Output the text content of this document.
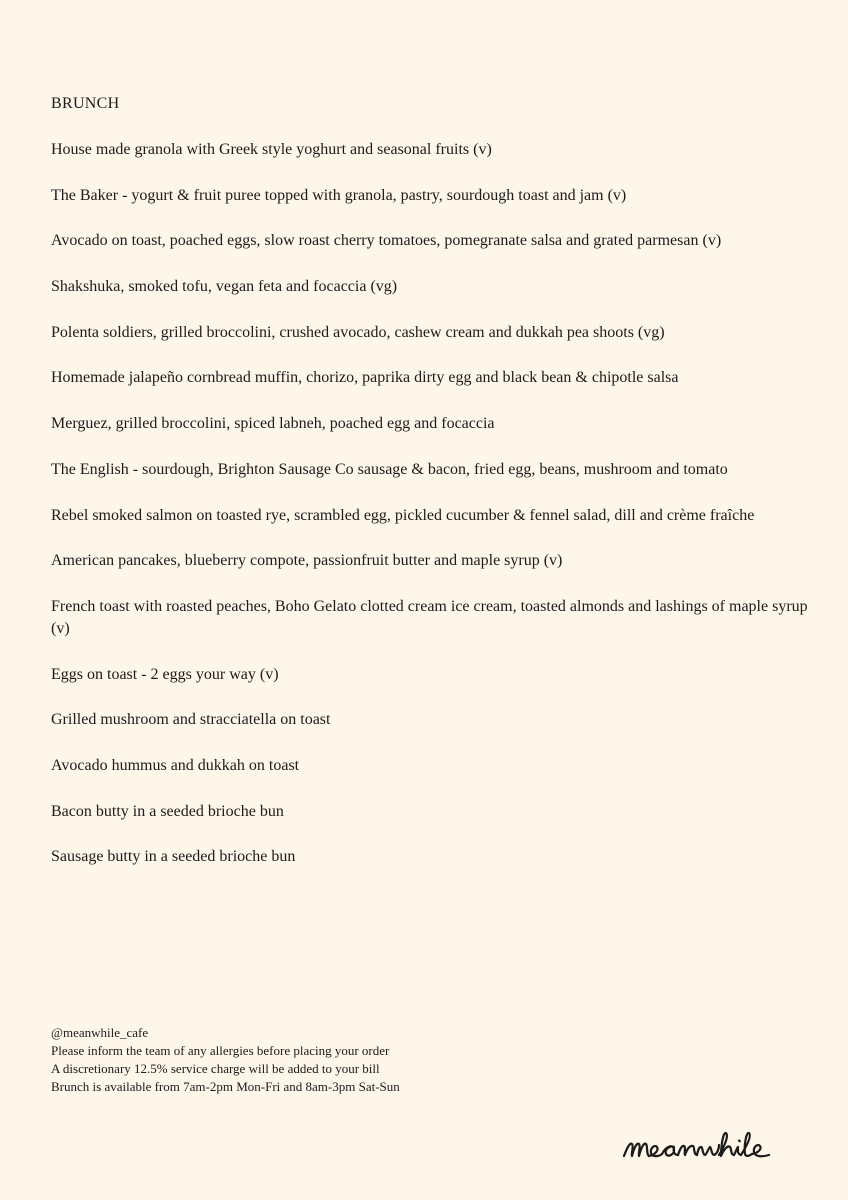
BRUNCH
House made granola with Greek style yoghurt and seasonal fruits (v)
The Baker - yogurt & fruit puree topped with granola, pastry, sourdough toast and jam (v)
Avocado on toast, poached eggs, slow roast cherry tomatoes, pomegranate salsa and grated parmesan (v)
Shakshuka, smoked tofu, vegan feta and focaccia (vg)
Polenta soldiers, grilled broccolini, crushed avocado, cashew cream and dukkah pea shoots (vg)
Homemade jalapeño cornbread muffin, chorizo, paprika dirty egg and black bean & chipotle salsa
Merguez, grilled broccolini, spiced labneh, poached egg and focaccia
The English - sourdough, Brighton Sausage Co sausage & bacon, fried egg, beans, mushroom and tomato
Rebel smoked salmon on toasted rye, scrambled egg, pickled cucumber & fennel salad, dill and crème fraîche
American pancakes, blueberry compote, passionfruit butter and maple syrup (v)
French toast with roasted peaches, Boho Gelato clotted cream ice cream, toasted almonds and lashings of maple syrup (v)
Eggs on toast - 2 eggs your way (v)
Grilled mushroom and stracciatella on toast
Avocado hummus and dukkah on toast
Bacon butty in a seeded brioche bun
Sausage butty in a seeded brioche bun
@meanwhile_cafe
Please inform the team of any allergies before placing your order
A discretionary 12.5% service charge will be added to your bill
Brunch is available from 7am-2pm Mon-Fri and 8am-3pm Sat-Sun
